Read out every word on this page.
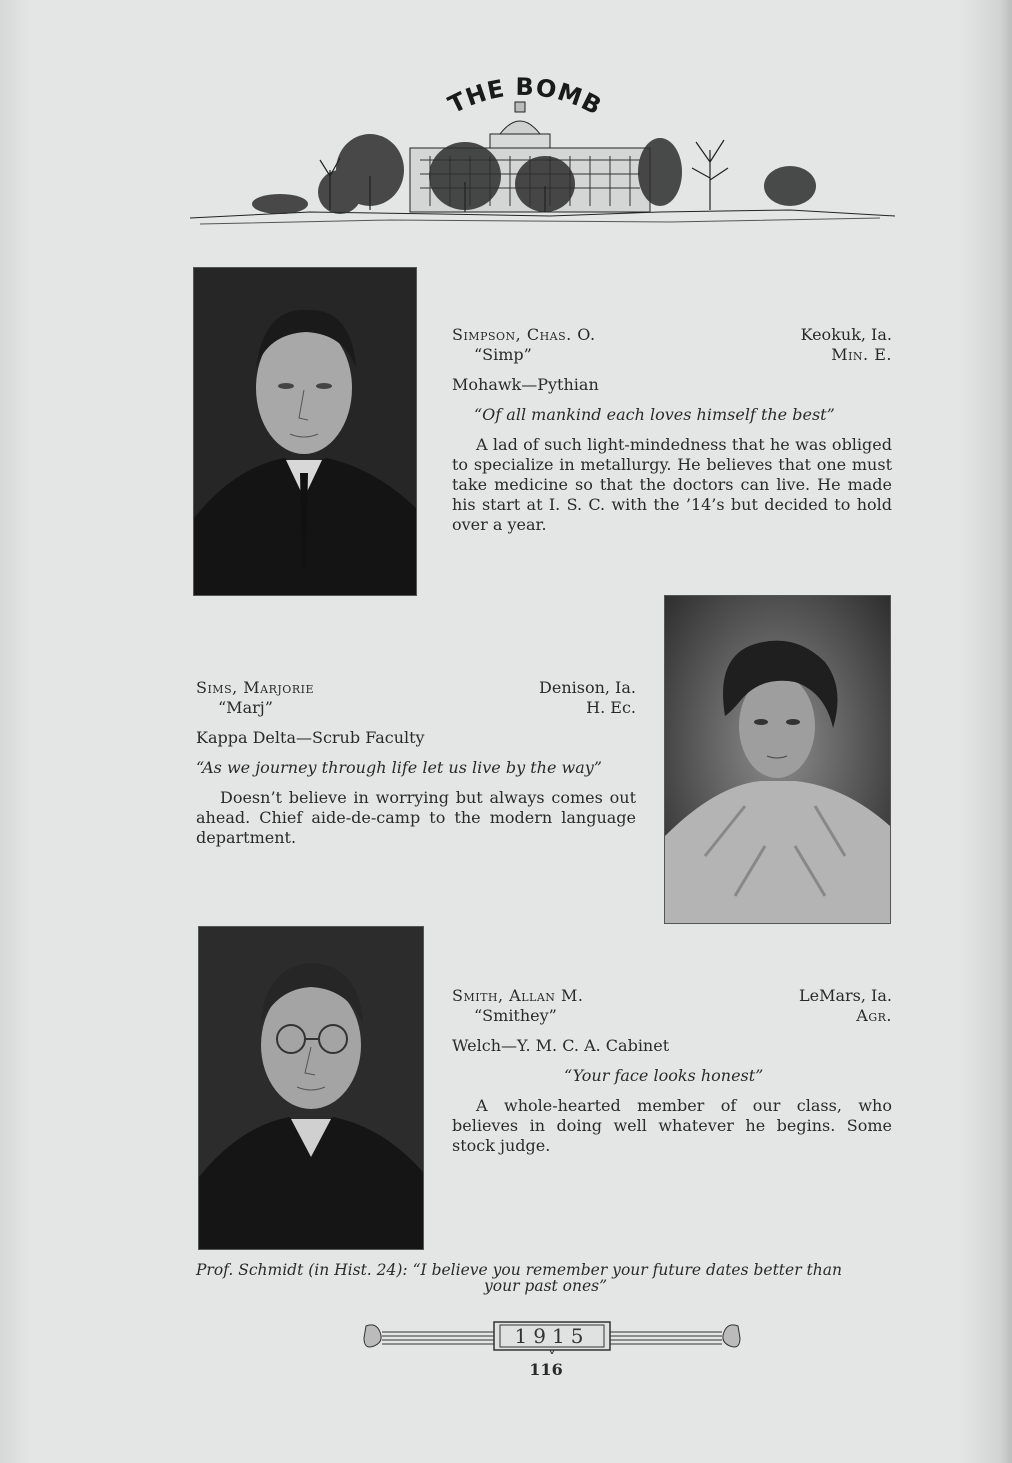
THE BOM
Simpson, Chas. O.	Keokuk, Ia.
“Simp”	Min. E.
Mohawk—Pythian
“Of all mankind each loves himself the best”
A lad of such light-mindedness that he was obliged to specialize in metallurgy. He believes that one must take medicine so that the doctors can live. He made his start at I. S. C. with the ’14’s but decided to hold over a year.
Sims, Marjorie	Denison, Ia.
“Marj”	H. Ec.
Kappa Delta—Scrub Faculty
“As we journey through life let us live by the way”
Doesn’t believe in worrying but always comes out ahead. Chief aide-de-camp to the modern language department.
Smith, Allan M.	LeMars, Ia.
“Smithey”	Agr.
Welch—Y. M. C. A. Cabinet
“Your face looks honest”
A whole-hearted member of our class, who believes in doing well whatever he begins. Some stock judge.
Prof. Schmidt (in Hist. 24): “I believe you remember your future dates better than
your past ones”
1915
116
